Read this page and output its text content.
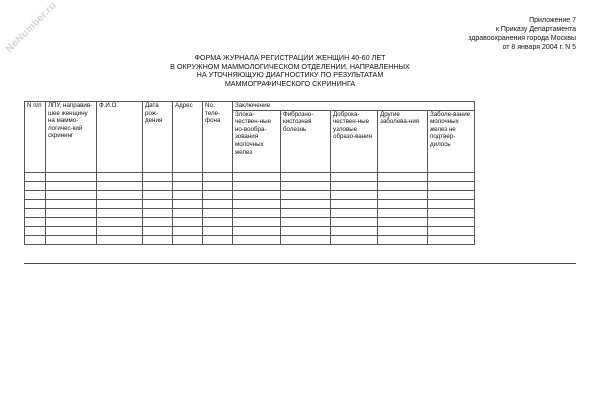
NoNumber.ru	Приложение 7
к Приказу Департамента
здравоохранения города Москвы
от 8 января 2004 г. N 5
ФОРМА ЖУРНАЛА РЕГИСТРАЦИИ ЖЕНЩИН 40-60 ЛЕТ
В ОКРУЖНОМ МАММОЛОГИЧЕСКОМ ОТДЕЛЕНИИ, НАПРАВЛЕННЫХ
НА УТОЧНЯЮЩУЮ ДИАГНОСТИКУ ПО РЕЗУЛЬТАТАМ
МАММОГРАФИЧЕСКОГО СКРИНИНГА
N п/п	ЛПУ, направив-шее женщину на маммо-логичес-кий скрининг	Ф.И.О.	Дата рож-дения	Адрес	No. теле-фона	Заключение				
						Злока-чествен-ные но-вообра-зования молочных желез	Фиброзно-кистозная болезнь	Доброка-чествен-ные узловые образо-вания	Другие заболева-ния	Заболе-вание молочных желез не подтвер-дилось
